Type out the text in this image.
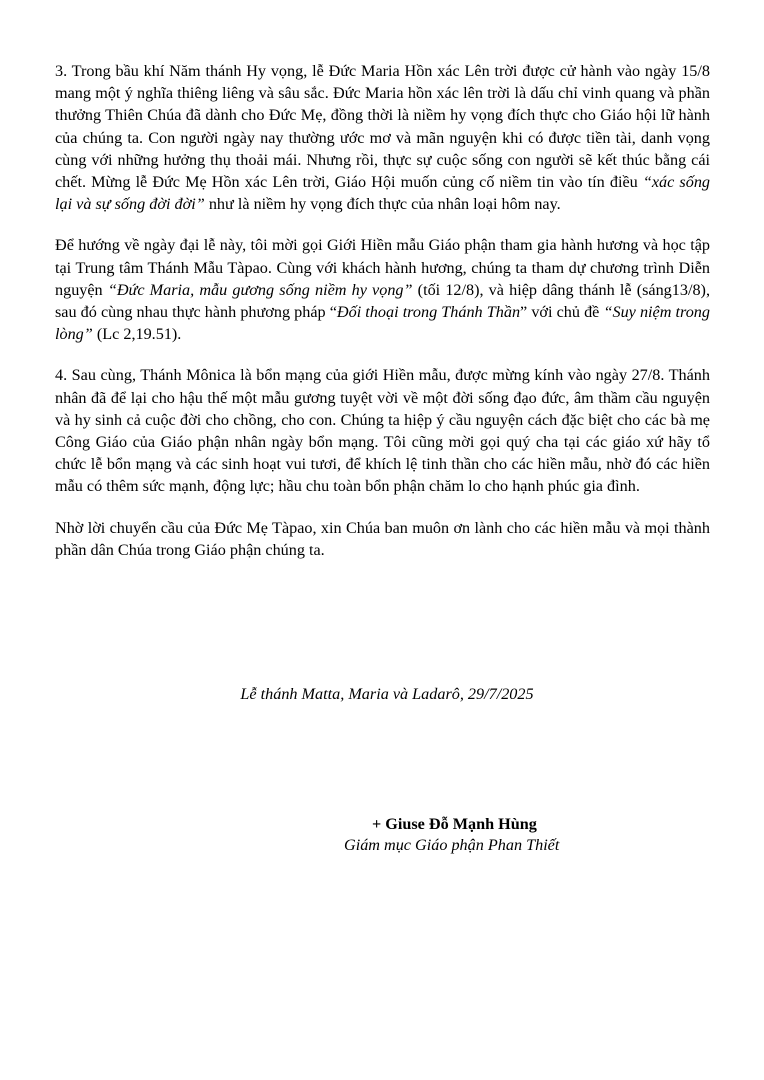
3. Trong bầu khí Năm thánh Hy vọng, lễ Đức Maria Hồn xác Lên trời được cử hành vào ngày 15/8 mang một ý nghĩa thiêng liêng và sâu sắc. Đức Maria hồn xác lên trời là dấu chỉ vinh quang và phần thưởng Thiên Chúa đã dành cho Đức Mẹ, đồng thời là niềm hy vọng đích thực cho Giáo hội lữ hành của chúng ta. Con người ngày nay thường ước mơ và mãn nguyện khi có được tiền tài, danh vọng cùng với những hưởng thụ thoải mái. Nhưng rồi, thực sự cuộc sống con người sẽ kết thúc bằng cái chết. Mừng lễ Đức Mẹ Hồn xác Lên trời, Giáo Hội muốn củng cố niềm tin vào tín điều “xác sống lại và sự sống đời đời” như là niềm hy vọng đích thực của nhân loại hôm nay.

Để hướng về ngày đại lễ này, tôi mời gọi Giới Hiền mẫu Giáo phận tham gia hành hương và học tập tại Trung tâm Thánh Mẫu Tàpao. Cùng với khách hành hương, chúng ta tham dự chương trình Diễn nguyện “Đức Maria, mẫu gương sống niềm hy vọng” (tối 12/8), và hiệp dâng thánh lễ (sáng13/8), sau đó cùng nhau thực hành phương pháp “Đối thoại trong Thánh Thần” với chủ đề “Suy niệm trong lòng” (Lc 2,19.51).

4. Sau cùng, Thánh Mônica là bổn mạng của giới Hiền mẫu, được mừng kính vào ngày 27/8. Thánh nhân đã để lại cho hậu thế một mẫu gương tuyệt vời về một đời sống đạo đức, âm thầm cầu nguyện và hy sinh cả cuộc đời cho chồng, cho con. Chúng ta hiệp ý cầu nguyện cách đặc biệt cho các bà mẹ Công Giáo của Giáo phận nhân ngày bổn mạng. Tôi cũng mời gọi quý cha tại các giáo xứ hãy tổ chức lễ bổn mạng và các sinh hoạt vui tươi, để khích lệ tinh thần cho các hiền mẫu, nhờ đó các hiền mẫu có thêm sức mạnh, động lực; hầu chu toàn bổn phận chăm lo cho hạnh phúc gia đình.

Nhờ lời chuyển cầu của Đức Mẹ Tàpao, xin Chúa ban muôn ơn lành cho các hiền mẫu và mọi thành phần dân Chúa trong Giáo phận chúng ta.

Lễ thánh Matta, Maria và Ladarô, 29/7/2025
+ Giuse Đỗ Mạnh Hùng
Giám mục Giáo phận Phan Thiết
